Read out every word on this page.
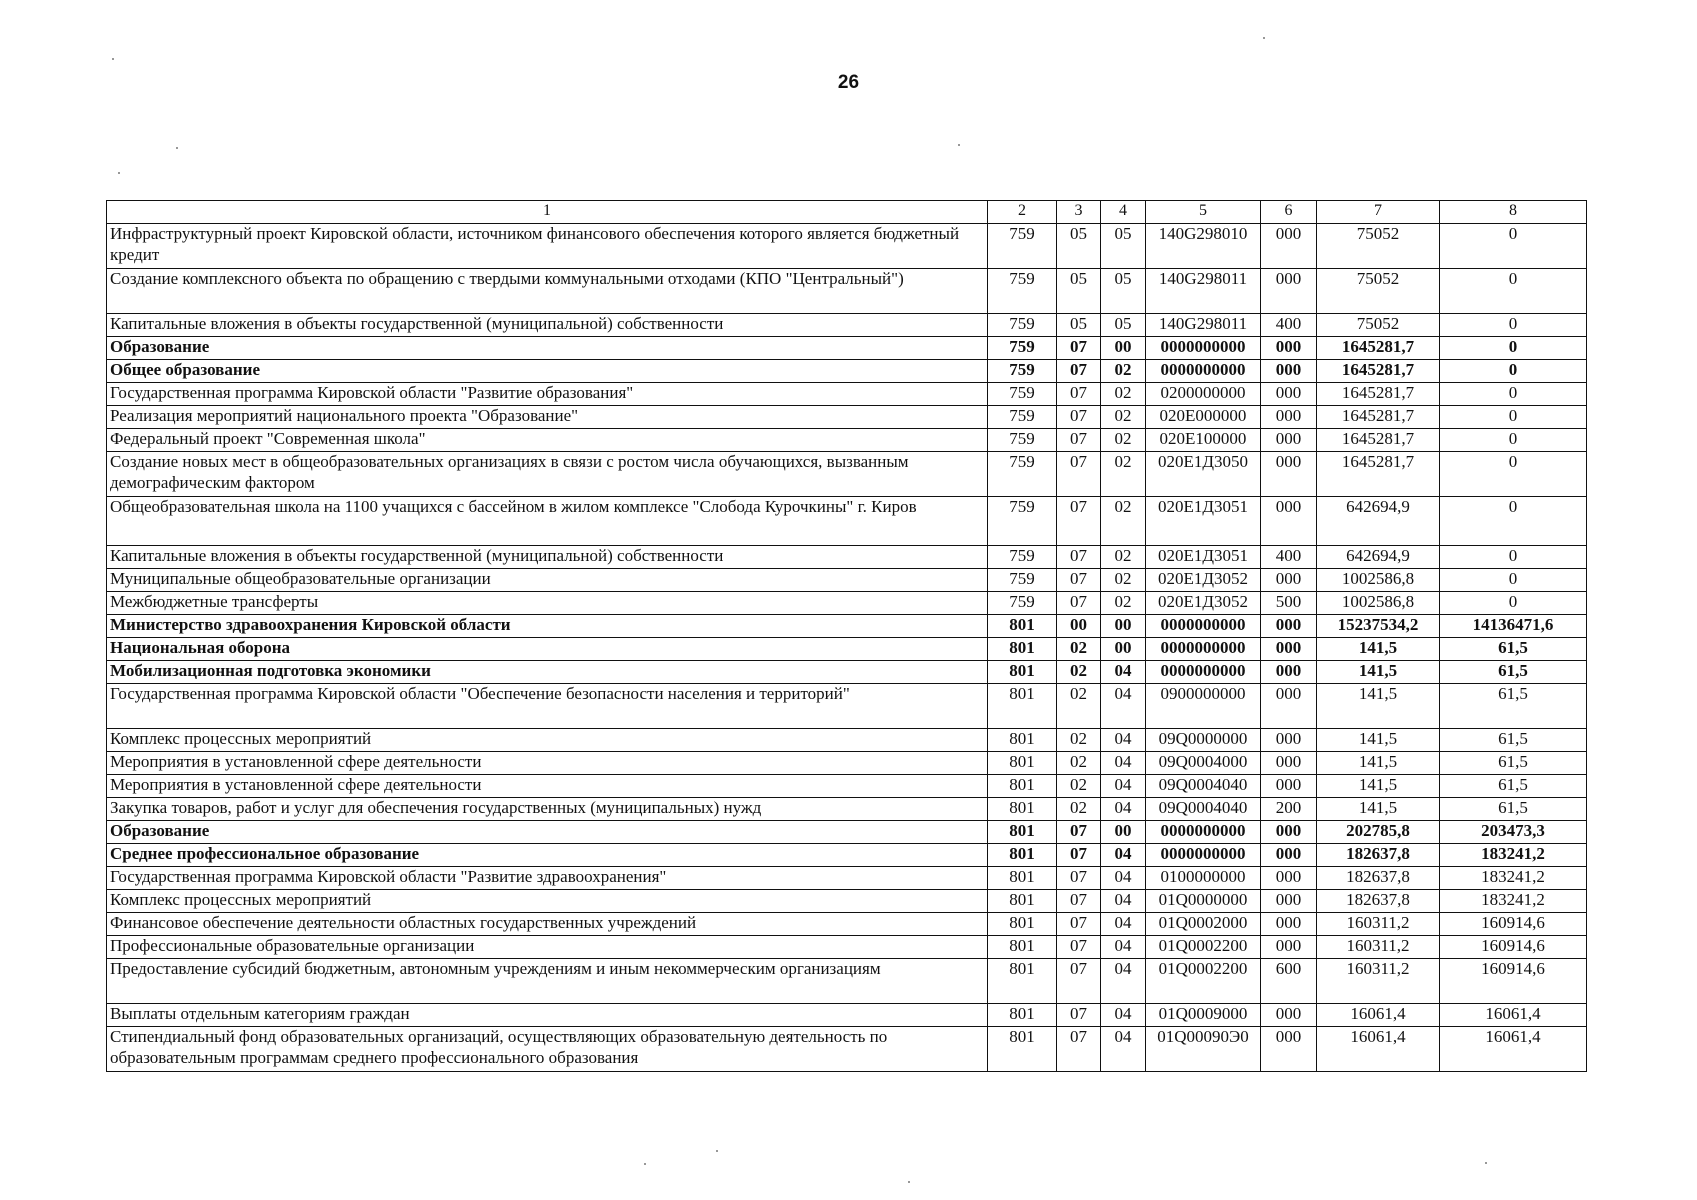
26
1	2	3	4	5	6	7	8
Инфраструктурный проект Кировской области, источником финансового обеспечения которого является бюджетный кредит	759	05	05	140G298010	000	75052	0
Создание комплексного объекта по обращению с твердыми коммунальными отходами (КПО "Центральный")	759	05	05	140G298011	000	75052	0
Капитальные вложения в объекты государственной (муниципальной) собственности	759	05	05	140G298011	400	75052	0
Образование	759	07	00	0000000000	000	1645281,7	0
Общее образование	759	07	02	0000000000	000	1645281,7	0
Государственная программа Кировской области "Развитие образования"	759	07	02	0200000000	000	1645281,7	0
Реализация мероприятий национального проекта "Образование"	759	07	02	020Е000000	000	1645281,7	0
Федеральный проект "Современная школа"	759	07	02	020Е100000	000	1645281,7	0
Создание новых мест в общеобразовательных организациях в связи с ростом числа обучающихся, вызванным демографическим фактором	759	07	02	020Е1Д3050	000	1645281,7	0
Общеобразовательная школа на 1100 учащихся с бассейном в жилом комплексе "Слобода Курочкины" г. Киров	759	07	02	020Е1Д3051	000	642694,9	0
Капитальные вложения в объекты государственной (муниципальной) собственности	759	07	02	020Е1Д3051	400	642694,9	0
Муниципальные общеобразовательные организации	759	07	02	020Е1Д3052	000	1002586,8	0
Межбюджетные трансферты	759	07	02	020Е1Д3052	500	1002586,8	0
Министерство здравоохранения Кировской области	801	00	00	0000000000	000	15237534,2	14136471,6
Национальная оборона	801	02	00	0000000000	000	141,5	61,5
Мобилизационная подготовка экономики	801	02	04	0000000000	000	141,5	61,5
Государственная программа Кировской области "Обеспечение безопасности населения и территорий"	801	02	04	0900000000	000	141,5	61,5
Комплекс процессных мероприятий	801	02	04	09Q0000000	000	141,5	61,5
Мероприятия в установленной сфере деятельности	801	02	04	09Q0004000	000	141,5	61,5
Мероприятия в установленной сфере деятельности	801	02	04	09Q0004040	000	141,5	61,5
Закупка товаров, работ и услуг для обеспечения государственных (муниципальных) нужд	801	02	04	09Q0004040	200	141,5	61,5
Образование	801	07	00	0000000000	000	202785,8	203473,3
Среднее профессиональное образование	801	07	04	0000000000	000	182637,8	183241,2
Государственная программа Кировской области "Развитие здравоохранения"	801	07	04	0100000000	000	182637,8	183241,2
Комплекс процессных мероприятий	801	07	04	01Q0000000	000	182637,8	183241,2
Финансовое обеспечение деятельности областных государственных учреждений	801	07	04	01Q0002000	000	160311,2	160914,6
Профессиональные образовательные организации	801	07	04	01Q0002200	000	160311,2	160914,6
Предоставление субсидий бюджетным, автономным учреждениям и иным некоммерческим организациям	801	07	04	01Q0002200	600	160311,2	160914,6
Выплаты отдельным категориям граждан	801	07	04	01Q0009000	000	16061,4	16061,4
Стипендиальный фонд образовательных организаций, осуществляющих образовательную деятельность по образовательным программам среднего профессионального образования	801	07	04	01Q00090Э0	000	16061,4	16061,4
